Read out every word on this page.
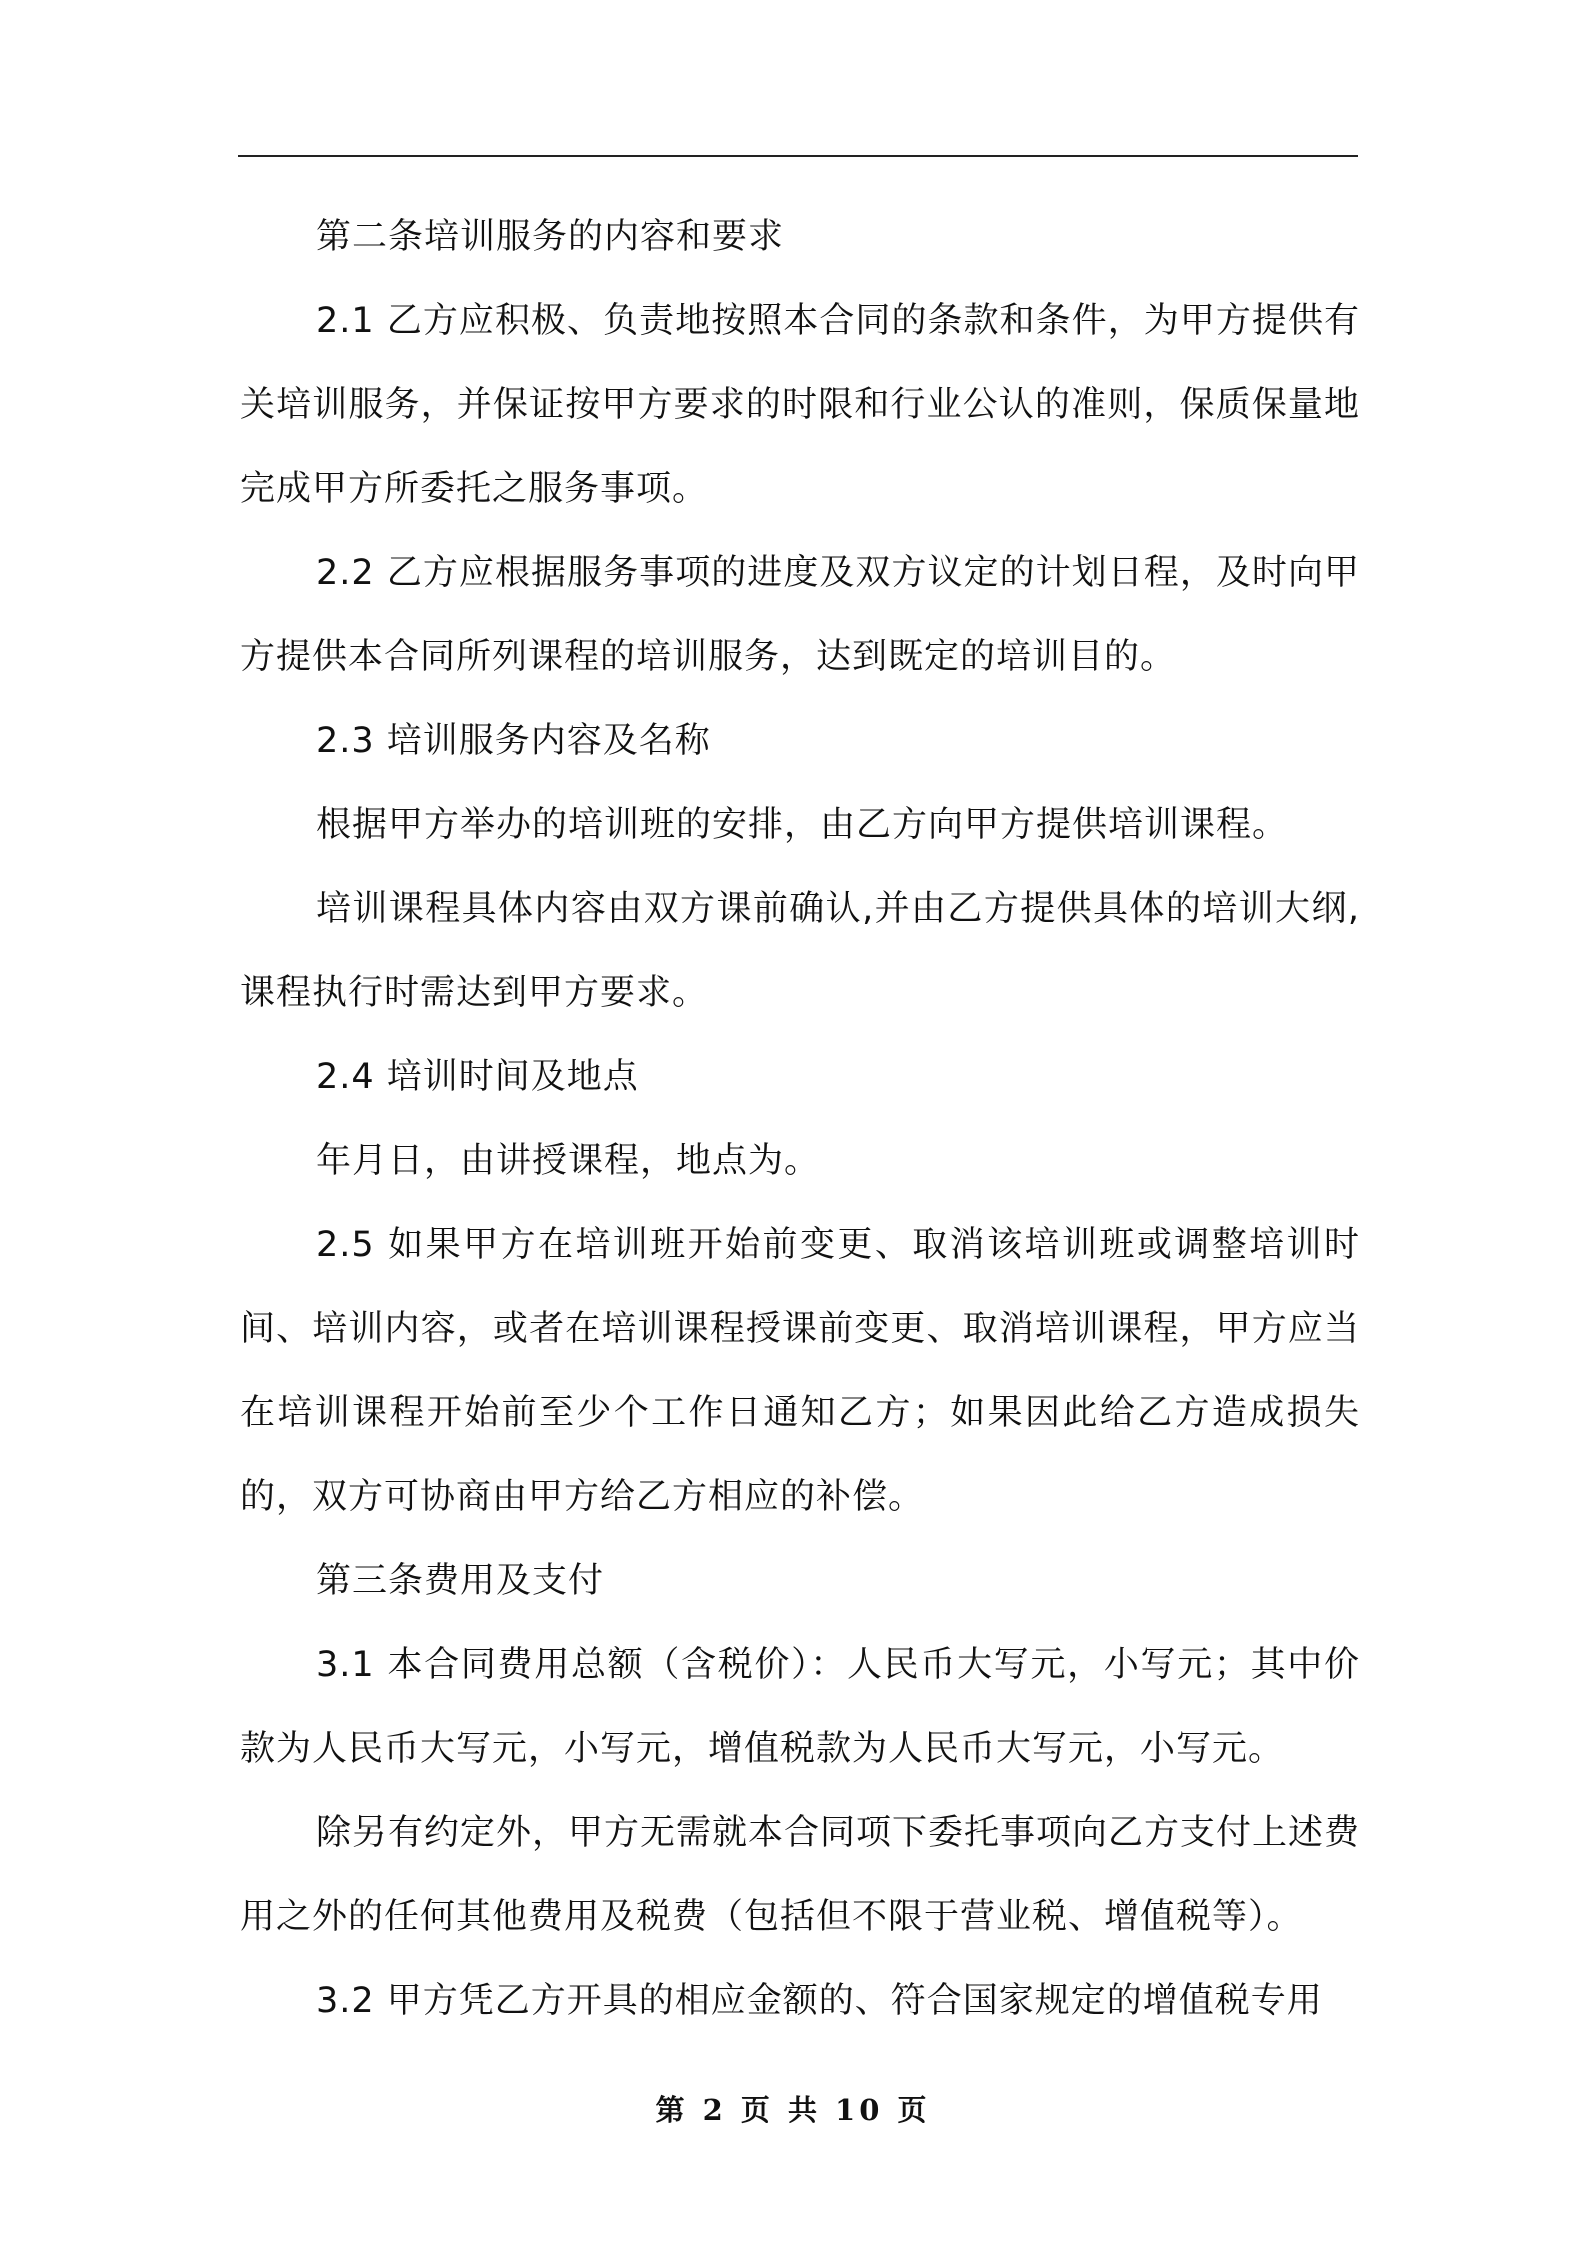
第二条培训服务的内容和要求

2.1 乙方应积极、负责地按照本合同的条款和条件，为甲方提供有关培训服务，并保证按甲方要求的时限和行业公认的准则，保质保量地完成甲方所委托之服务事项。

2.2 乙方应根据服务事项的进度及双方议定的计划日程，及时向甲方提供本合同所列课程的培训服务，达到既定的培训目的。

2.3 培训服务内容及名称

根据甲方举办的培训班的安排，由乙方向甲方提供培训课程。

培训课程具体内容由双方课前确认,并由乙方提供具体的培训大纲,课程执行时需达到甲方要求。

2.4 培训时间及地点

年月日，由讲授课程，地点为。

2.5 如果甲方在培训班开始前变更、取消该培训班或调整培训时间、培训内容，或者在培训课程授课前变更、取消培训课程，甲方应当在培训课程开始前至少个工作日通知乙方；如果因此给乙方造成损失的，双方可协商由甲方给乙方相应的补偿。

第三条费用及支付

3.1 本合同费用总额（含税价）：人民币大写元，小写元；其中价款为人民币大写元，小写元，增值税款为人民币大写元，小写元。

除另有约定外，甲方无需就本合同项下委托事项向乙方支付上述费用之外的任何其他费用及税费（包括但不限于营业税、增值税等）。

3.2 甲方凭乙方开具的相应金额的、符合国家规定的增值税专用

第 2 页 共 10 页
